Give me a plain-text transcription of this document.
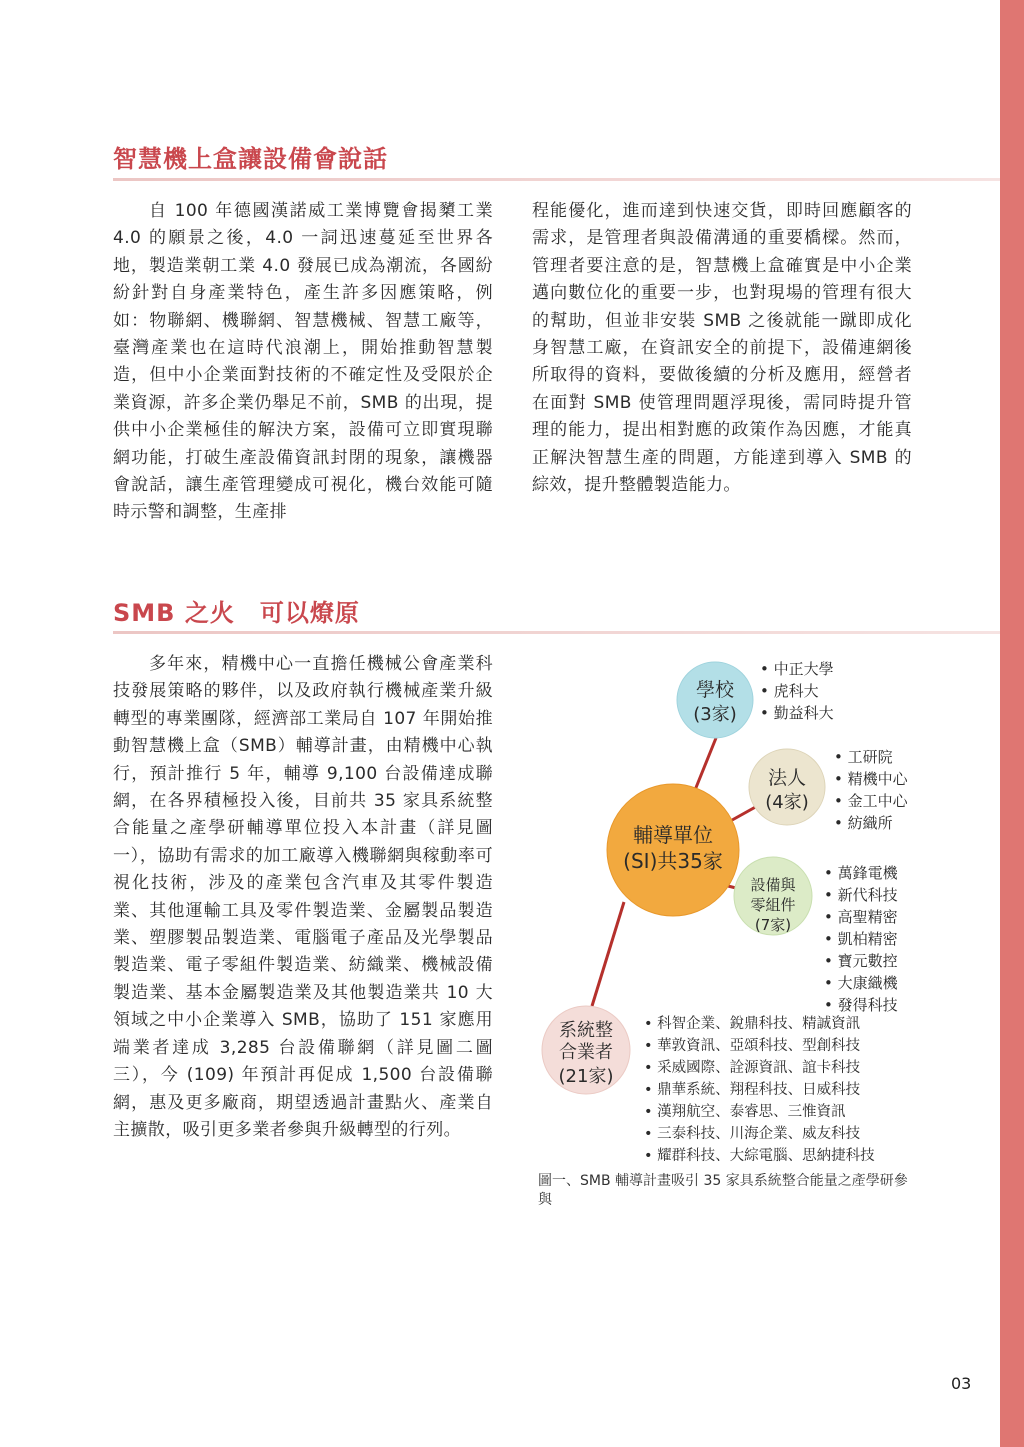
智慧機上盒讓設備會說話

自 100 年德國漢諾威工業博覽會揭櫫工業 4.0 的願景之後，4.0 一詞迅速蔓延至世界各地，製造業朝工業 4.0 發展已成為潮流，各國紛紛針對自身產業特色，產生許多因應策略，例如：物聯網、機聯網、智慧機械、智慧工廠等，臺灣產業也在這時代浪潮上，開始推動智慧製造，但中小企業面對技術的不確定性及受限於企業資源，許多企業仍舉足不前，SMB 的出現，提供中小企業極佳的解決方案，設備可立即實現聯網功能，打破生產設備資訊封閉的現象，讓機器會說話，讓生產管理變成可視化，機台效能可隨時示警和調整，生產排

程能優化，進而達到快速交貨，即時回應顧客的需求，是管理者與設備溝通的重要橋樑。然而，管理者要注意的是，智慧機上盒確實是中小企業邁向數位化的重要一步，也對現場的管理有很大的幫助，但並非安裝 SMB 之後就能一蹴即成化身智慧工廠，在資訊安全的前提下，設備連網後所取得的資料，要做後續的分析及應用，經營者在面對 SMB 使管理問題浮現後，需同時提升管理的能力，提出相對應的政策作為因應，才能真正解決智慧生產的問題，方能達到導入 SMB 的綜效，提升整體製造能力。

SMB 之火　可以燎原

多年來，精機中心一直擔任機械公會產業科技發展策略的夥伴，以及政府執行機械產業升級轉型的專業團隊，經濟部工業局自 107 年開始推動智慧機上盒（SMB）輔導計畫，由精機中心執行，預計推行 5 年，輔導 9,100 台設備達成聯網，在各界積極投入後，目前共 35 家具系統整合能量之產學研輔導單位投入本計畫（詳見圖一），協助有需求的加工廠導入機聯網與稼動率可視化技術，涉及的產業包含汽車及其零件製造業、其他運輸工具及零件製造業、金屬製品製造業、塑膠製品製造業、電腦電子產品及光學製品製造業、電子零組件製造業、紡織業、機械設備製造業、基本金屬製造業及其他製造業共 10 大領域之中小企業導入 SMB，協助了 151 家應用端業者達成 3,285 台設備聯網（詳見圖二圖三），今 (109) 年預計再促成 1,500 台設備聯網，惠及更多廠商，期望透過計畫點火、產業自主擴散，吸引更多業者參與升級轉型的行列。

輔導單位
(SI)共35家
學校
(3家)
• 中正大學
• 虎科大
• 勤益科大
法人
(4家)
• 工研院
• 精機中心
• 金工中心
• 紡織所
設備與
零組件
(7家)
• 萬鋒電機
• 新代科技
• 高聖精密
• 凱柏精密
• 寶元數控
• 大康織機
• 發得科技
系統整
合業者
(21家)
• 科智企業、銳鼎科技、精誠資訊
• 華敦資訊、亞頌科技、型創科技
• 采威國際、詮源資訊、誼卡科技
• 鼎華系統、翔程科技、日威科技
• 漢翔航空、泰睿思、三惟資訊
• 三泰科技、川海企業、威友科技
• 耀群科技、大綜電腦、思納捷科技

圖一、SMB 輔導計畫吸引 35 家具系統整合能量之產學研參與

03
